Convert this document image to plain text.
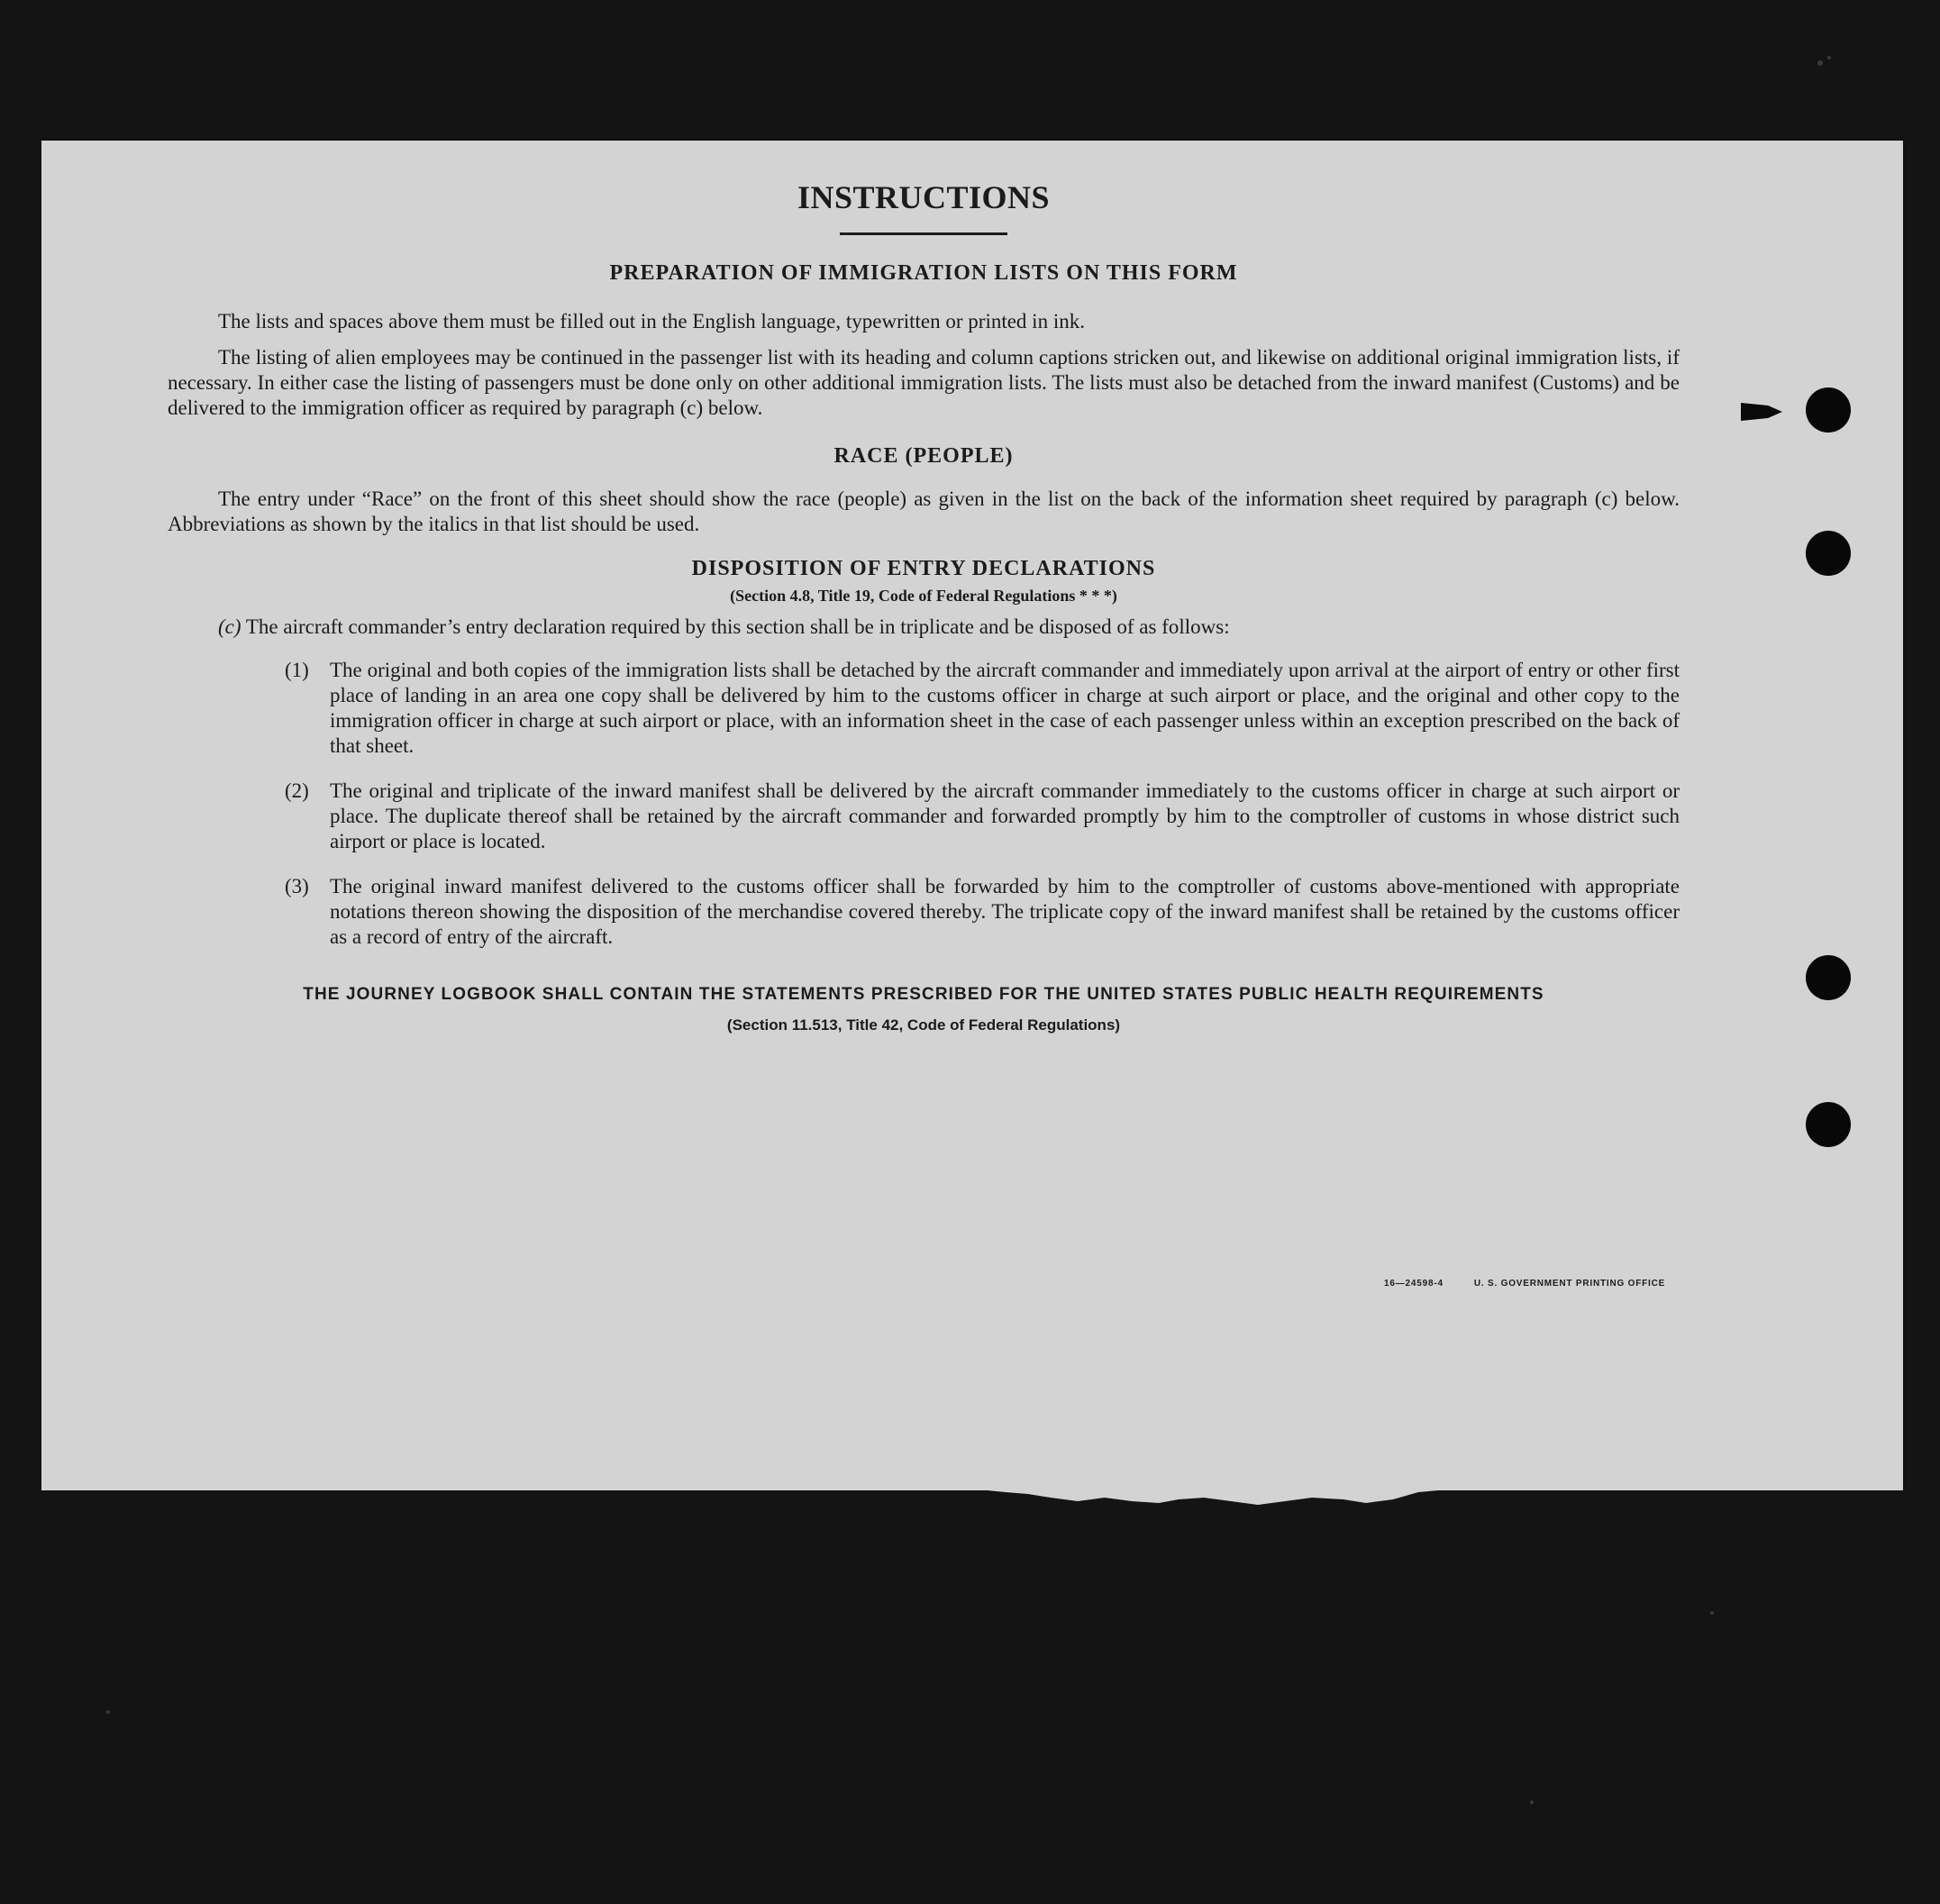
INSTRUCTIONS
PREPARATION OF IMMIGRATION LISTS ON THIS FORM

The lists and spaces above them must be filled out in the English language, typewritten or printed in ink.

The listing of alien employees may be continued in the passenger list with its heading and column captions stricken out, and likewise on additional original immigration lists, if necessary. In either case the listing of passengers must be done only on other additional immigration lists. The lists must also be detached from the inward manifest (Customs) and be delivered to the immigration officer as required by paragraph (c) below.

RACE (PEOPLE)

The entry under “Race” on the front of this sheet should show the race (people) as given in the list on the back of the information sheet required by paragraph (c) below. Abbreviations as shown by the italics in that list should be used.

DISPOSITION OF ENTRY DECLARATIONS
(Section 4.8, Title 19, Code of Federal Regulations * * *)

(c) The aircraft commander’s entry declaration required by this section shall be in triplicate and be disposed of as follows:

(1) The original and both copies of the immigration lists shall be detached by the aircraft commander and immediately upon arrival at the airport of entry or other first place of landing in an area one copy shall be delivered by him to the customs officer in charge at such airport or place, and the original and other copy to the immigration officer in charge at such airport or place, with an information sheet in the case of each passenger unless within an exception prescribed on the back of that sheet.
(2) The original and triplicate of the inward manifest shall be delivered by the aircraft commander immediately to the customs officer in charge at such airport or place. The duplicate thereof shall be retained by the aircraft commander and forwarded promptly by him to the comptroller of customs in whose district such airport or place is located.
(3) The original inward manifest delivered to the customs officer shall be forwarded by him to the comptroller of customs above-mentioned with appropriate notations thereon showing the disposition of the merchandise covered thereby. The triplicate copy of the inward manifest shall be retained by the customs officer as a record of entry of the aircraft.

THE JOURNEY LOGBOOK SHALL CONTAIN THE STATEMENTS PRESCRIBED FOR THE UNITED STATES PUBLIC HEALTH REQUIREMENTS

(Section 11.513, Title 42, Code of Federal Regulations)

16—24598-4	U. S. GOVERNMENT PRINTING OFFICE
